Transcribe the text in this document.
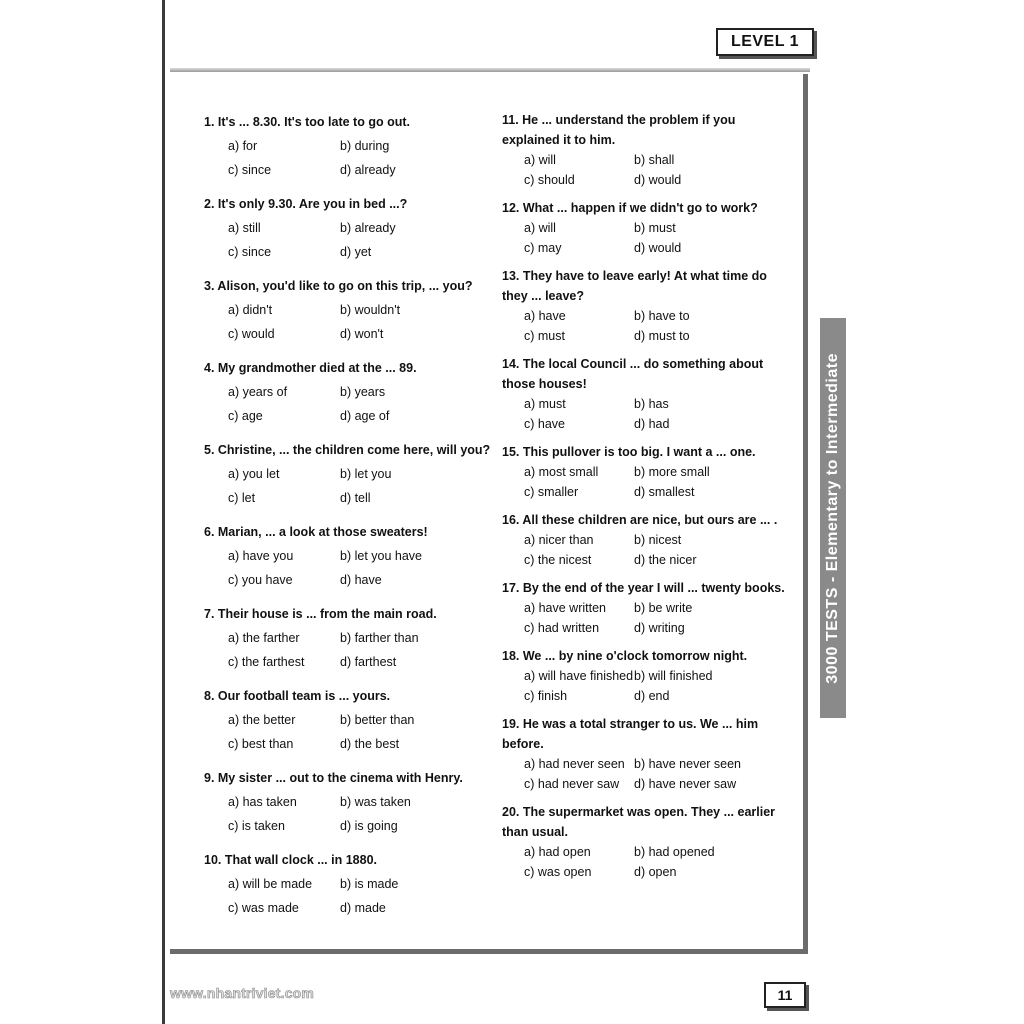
LEVEL 1

1. It's ... 8.30. It's too late to go out.

a) for	b) during
c) since	d) already

2. It's only 9.30. Are you in bed ...?

a) still	b) already
c) since	d) yet

3. Alison, you'd like to go on this trip, ... you?

a) didn't	b) wouldn't
c) would	d) won't

4. My grandmother died at the ... 89.

a) years of	b) years
c) age	d) age of

5. Christine, ... the children come here, will you?

a) you let	b) let you
c) let	d) tell

6. Marian, ... a look at those sweaters!

a) have you	b) let you have
c) you have	d) have

7. Their house is ... from the main road.

a) the farther	b) farther than
c) the farthest	d) farthest

8. Our football team is ... yours.

a) the better	b) better than
c) best than	d) the best

9. My sister ... out to the cinema with Henry.

a) has taken	b) was taken
c) is taken	d) is going

10. That wall clock ... in 1880.

a) will be made	b) is made
c) was made	d) made

11. He ... understand the problem if you explained it to him.

a) will	b) shall
c) should	d) would

12. What ... happen if we didn't go to work?

a) will	b) must
c) may	d) would

13. They have to leave early! At what time do they ... leave?

a) have	b) have to
c) must	d) must to

14. The local Council ... do something about those houses!

a) must	b) has
c) have	d) had

15. This pullover is too big. I want a ... one.

a) most small	b) more small
c) smaller	d) smallest

16. All these children are nice, but ours are ... .

a) nicer than	b) nicest
c) the nicest	d) the nicer

17. By the end of the year I will ... twenty books.

a) have written	b) be write
c) had written	d) writing

18. We ... by nine o'clock tomorrow night.

a) will have finished b) will finished
c) finish	d) end

19. He was a total stranger to us. We ... him before.

a) had never seen b) have never seen
c) had never saw	d) have never saw

20. The supermarket was open. They ... earlier than usual.

a) had open	b) had opened
c) was open	d) open
3000 TESTS - Elementary to Intermediate
www.nhantriviet.com	11
